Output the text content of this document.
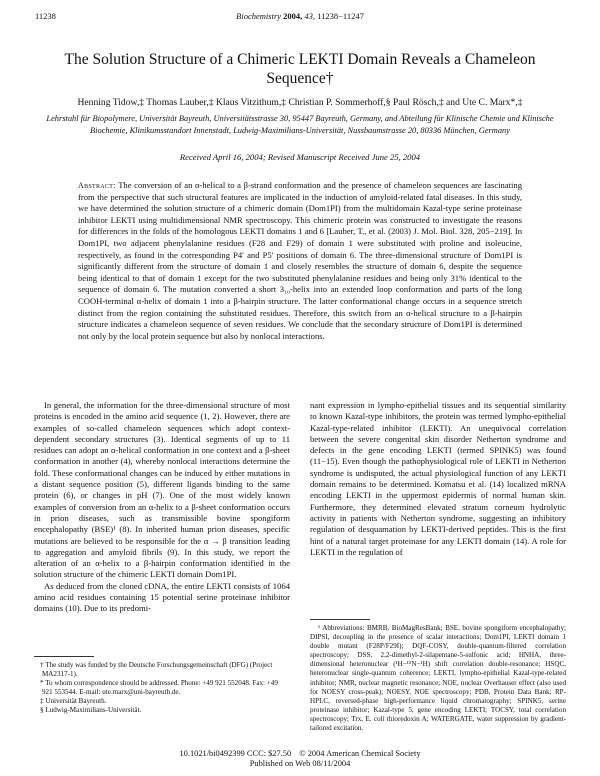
11238	Biochemistry 2004, 43, 11238−11247
The Solution Structure of a Chimeric LEKTI Domain Reveals a Chameleon Sequence†
Henning Tidow,‡ Thomas Lauber,‡ Klaus Vitzithum,‡ Christian P. Sommerhoff,§ Paul Rösch,‡ and Ute C. Marx*,‡
Lehrstuhl für Biopolymere, Universität Bayreuth, Universitätsstrasse 30, 95447 Bayreuth, Germany, and Abteilung für Klinische Chemie und Klinische Biochemie, Klinikumsstandort Innenstadt, Ludwig-Maximilians-Universität, Nussbaumstrasse 20, 80336 München, Germany
Received April 16, 2004; Revised Manuscript Received June 25, 2004
Abstract: The conversion of an α-helical to a β-strand conformation and the presence of chameleon sequences are fascinating from the perspective that such structural features are implicated in the induction of amyloid-related fatal diseases. In this study, we have determined the solution structure of a chimeric domain (Dom1PI) from the multidomain Kazal-type serine proteinase inhibitor LEKTI using multidimensional NMR spectroscopy. This chimeric protein was constructed to investigate the reasons for differences in the folds of the homologous LEKTI domains 1 and 6 [Lauber, T., et al. (2003) J. Mol. Biol. 328, 205−219]. In Dom1PI, two adjacent phenylalanine residues (F28 and F29) of domain 1 were substituted with proline and isoleucine, respectively, as found in the corresponding P4′ and P5′ positions of domain 6. The three-dimensional structure of Dom1PI is significantly different from the structure of domain 1 and closely resembles the structure of domain 6, despite the sequence being identical to that of domain 1 except for the two substituted phenylalanine residues and being only 31% identical to the sequence of domain 6. The mutation converted a short 3₁₀-helix into an extended loop conformation and parts of the long COOH-terminal α-helix of domain 1 into a β-hairpin structure. The latter conformational change occurs in a sequence stretch distinct from the region containing the substituted residues. Therefore, this switch from an α-helical structure to a β-hairpin structure indicates a chameleon sequence of seven residues. We conclude that the secondary structure of Dom1PI is determined not only by the local protein sequence but also by nonlocal interactions.

In general, the information for the three-dimensional structure of most proteins is encoded in the amino acid sequence (1, 2). However, there are examples of so-called chameleon sequences which adopt context-dependent secondary structures (3). Identical segments of up to 11 residues can adopt an α-helical conformation in one context and a β-sheet conformation in another (4), whereby nonlocal interactions determine the fold. These conformational changes can be induced by either mutations in a distant sequence position (5), different ligands binding to the same protein (6), or changes in pH (7). One of the most widely known examples of conversion from an α-helix to a β-sheet conformation occurs in prion diseases, such as transmissible bovine spongiform encephalopathy (BSE)¹ (8). In inherited human prion diseases, specific mutations are believed to be responsible for the α → β transition leading to aggregation and amyloid fibrils (9). In this study, we report the alteration of an α-helix to a β-hairpin conformation identified in the solution structure of the chimeric LEKTI domain Dom1PI.

As deduced from the cloned cDNA, the entire LEKTI consists of 1064 amino acid residues containing 15 potential serine proteinase inhibitor domains (10). Due to its predomi-

nant expression in lympho-epithelial tissues and its sequential similarity to known Kazal-type inhibitors, the protein was termed lympho-epithelial Kazal-type-related inhibitor (LEKTI). An unequivocal correlation between the severe congenital skin disorder Netherton syndrome and defects in the gene encoding LEKTI (termed SPINK5) was found (11−15). Even though the pathophysiological role of LEKTI in Netherton syndrome is undisputed, the actual physiological function of any LEKTI domain remains to be determined. Komatsu et al. (14) localized mRNA encoding LEKTI in the uppermost epidermis of normal human skin. Furthermore, they determined elevated stratum corneum hydrolytic activity in patients with Netherton syndrome, suggesting an inhibitory regulation of desquamation by LEKTI-derived peptides. This is the first hint of a natural target proteinase for any LEKTI domain (14). A role for LEKTI in the regulation of

† The study was funded by the Deutsche Forschungsgemeinschaft (DFG) (Project MA2317-1).
* To whom correspondence should be addressed. Phone: +49 921 552048. Fax: +49 921 553544. E-mail: ute.marx@uni-bayreuth.de.
‡ Universität Bayreuth.
§ Ludwig-Maximilians-Universität.
¹ Abbreviations: BMRB, BioMagResBank; BSE, bovine spongiform encephalopathy; DIPSI, decoupling in the presence of scalar interactions; Dom1PI, LEKTI domain 1 double mutant (F28P/F29I); DQF-COSY, double-quantum-filtered correlation spectroscopy; DSS, 2,2-dimethyl-2-silapentane-5-sulfonic acid; HNHA, three-dimensional heteronuclear (¹H−¹⁵N−¹H) shift correlation double-resonance; HSQC, heteronuclear single-quantum coherence; LEKTI, lympho-epithelial Kazal-type-related inhibitor; NMR, nuclear magnetic resonance; NOE, nuclear Overhauser effect (also used for NOESY cross-peak); NOESY, NOE spectroscopy; PDB, Protein Data Bank; RP-HPLC, reversed-phase high-performance liquid chromatography; SPINK5, serine proteinase inhibitor; Kazal-type 5, gene encoding LEKTI; TOCSY, total correlation spectroscopy; Trx, E. coli thioredoxin A; WATERGATE, water suppression by gradient-tailored excitation.
10.1021/bi0492399 CCC: $27.50 © 2004 American Chemical Society
Published on Web 08/11/2004
